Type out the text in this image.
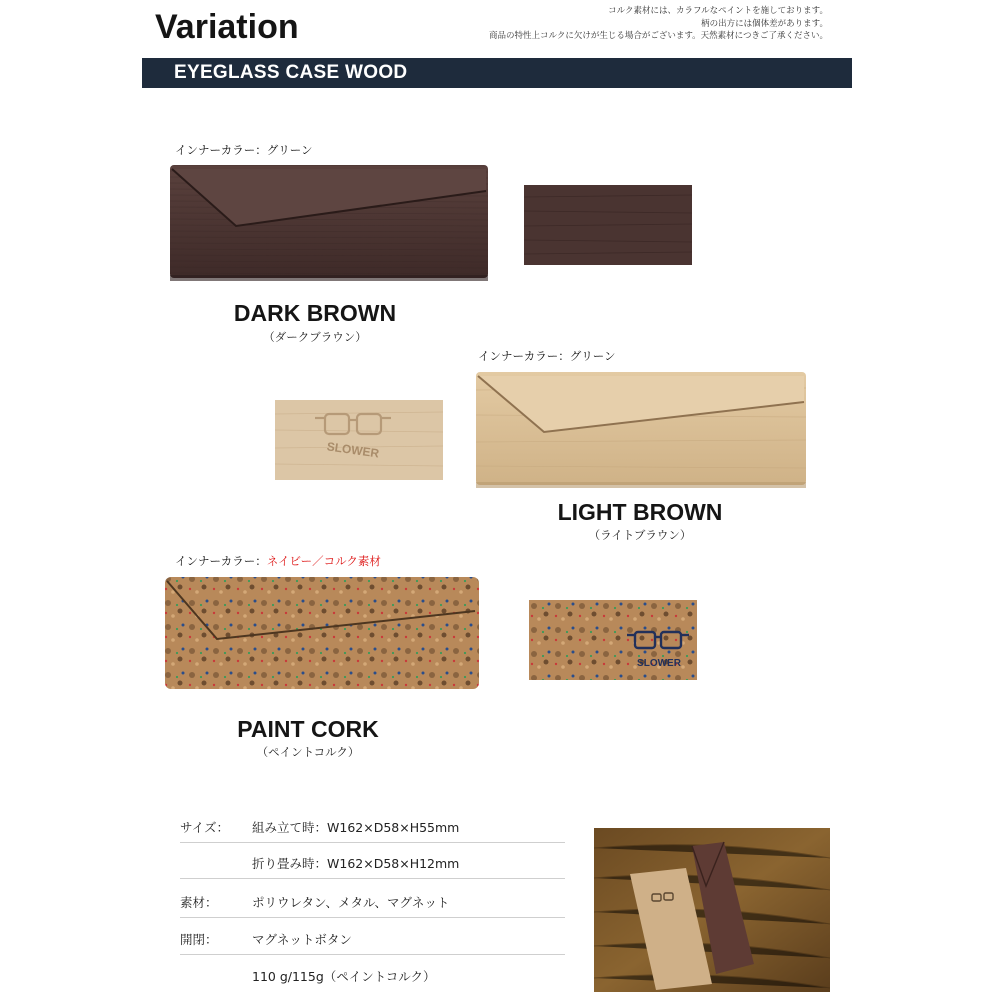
Variation	コルク素材には、カラフルなペイントを施しております。
柄の出方には個体差があります。
商品の特性上コルクに欠けが生じる場合がございます。天然素材につきご了承ください。
EYEGLASS CASE WOOD
インナーカラー：グリーン
DARK BROWN
（ダークブラウン）
インナーカラー：グリーン
SLOWER
LIGHT BROWN
（ライトブラウン）
インナーカラー：ネイビー／コルク素材
SLOWER
PAINT CORK
（ペイントコルク）
サイズ： 組み立て時：W162×D58×H55mm
折り畳み時：W162×D58×H12mm
素材：	ポリウレタン、メタル、マグネット
開閉：	マグネットボタン
110 g/115g（ペイントコルク）
